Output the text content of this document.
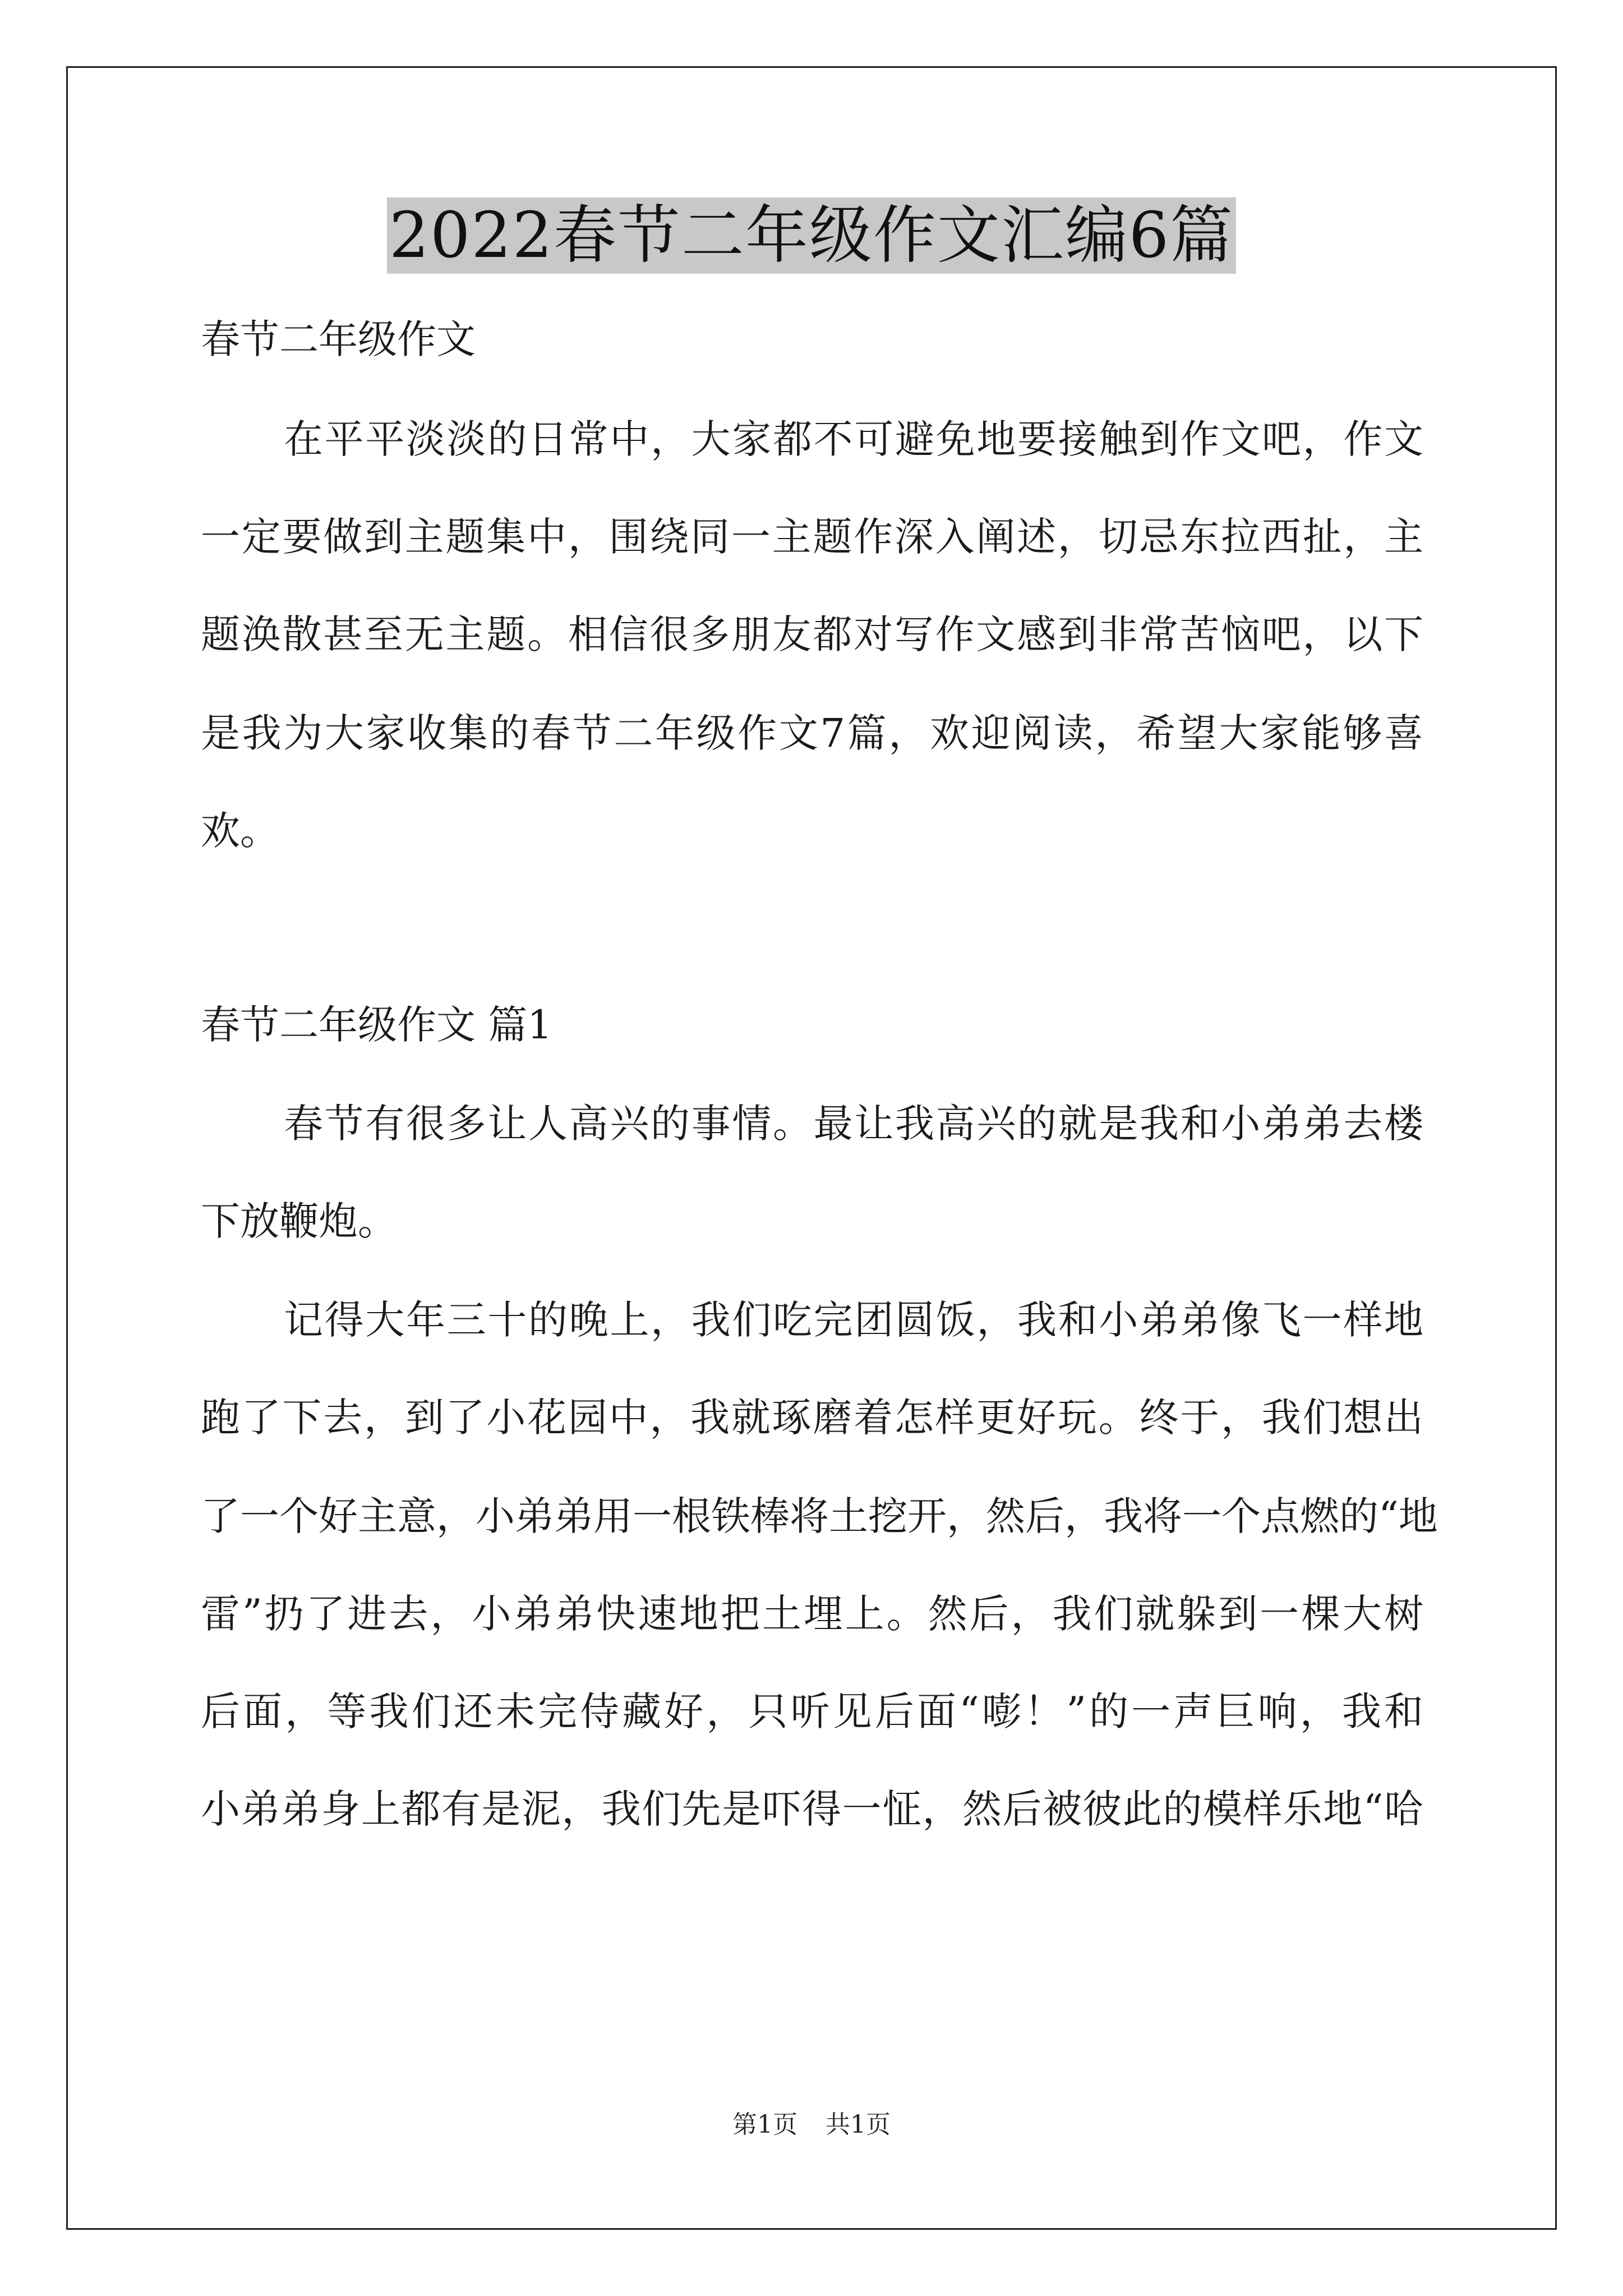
2022春节二年级作文汇编6篇
春节二年级作文
在平平淡淡的日常中，大家都不可避免地要接触到作文吧，作文
一定要做到主题集中，围绕同一主题作深入阐述，切忌东拉西扯，主
题涣散甚至无主题。相信很多朋友都对写作文感到非常苦恼吧，以下
是我为大家收集的春节二年级作文7篇，欢迎阅读，希望大家能够喜
欢。
春节二年级作文 篇1
春节有很多让人高兴的事情。最让我高兴的就是我和小弟弟去楼
下放鞭炮。
记得大年三十的晚上，我们吃完团圆饭，我和小弟弟像飞一样地
跑了下去，到了小花园中，我就琢磨着怎样更好玩。终于，我们想出
了一个好主意，小弟弟用一根铁棒将土挖开，然后，我将一个点燃的“地
雷”扔了进去，小弟弟快速地把土埋上。然后，我们就躲到一棵大树
后面，等我们还未完侍藏好，只听见后面“嘭！”的一声巨响，我和
小弟弟身上都有是泥，我们先是吓得一怔，然后被彼此的模样乐地“哈
第1页 共1页
